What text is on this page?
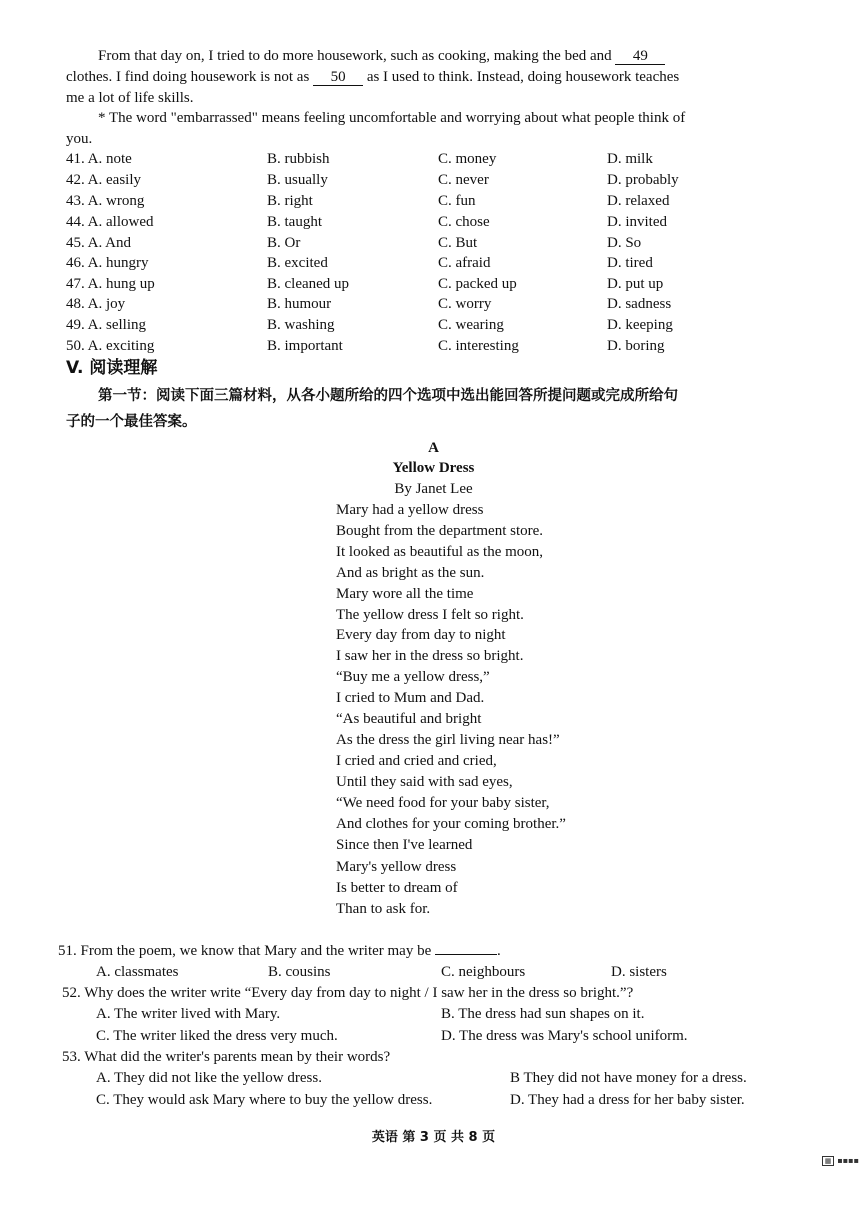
From that day on, I tried to do more housework, such as cooking, making the bed and 49
clothes. I find doing housework is not as 50 as I used to think. Instead, doing housework teaches
me a lot of life skills.
* The word "embarrassed" means feeling uncomfortable and worrying about what people think of
you.
41. A. note	B. rubbish	C. money	D. milk
42. A. easily	B. usually	C. never	D. probably
43. A. wrong	B. right	C. fun	D. relaxed
44. A. allowed	B. taught	C. chose	D. invited
45. A. And	B. Or	C. But	D. So
46. A. hungry	B. excited	C. afraid	D. tired
47. A. hung up	B. cleaned up	C. packed up	D. put up
48. A. joy	B. humour	C. worry	D. sadness
49. A. selling	B. washing	C. wearing	D. keeping
50. A. exciting	B. important	C. interesting	D. boring
V. 阅读理解
第一节：阅读下面三篇材料，从各小题所给的四个选项中选出能回答所提问题或完成所给句
子的一个最佳答案。
A
Yellow Dress
By Janet Lee
Mary had a yellow dress
Bought from the department store.
It looked as beautiful as the moon,
And as bright as the sun.
Mary wore all the time
The yellow dress I felt so right.
Every day from day to night
I saw her in the dress so bright.
“Buy me a yellow dress,”
I cried to Mum and Dad.
“As beautiful and bright
As the dress the girl living near has!”
I cried and cried and cried,
Until they said with sad eyes,
“We need food for your baby sister,
And clothes for your coming brother.”
Since then I've learned
Mary's yellow dress
Is better to dream of
Than to ask for.
51. From the poem, we know that Mary and the writer may be	.
A. classmates	B. cousins	C. neighbours	D. sisters
52. Why does the writer write “Every day from day to night / I saw her in the dress so bright.”?
A. The writer lived with Mary.	B. The dress had sun shapes on it.
C. The writer liked the dress very much.	D. The dress was Mary's school uniform.
53. What did the writer's parents mean by their words?
A. They did not like the yellow dress.	B They did not have money for a dress.
C. They would ask Mary where to buy the yellow dress.	D. They had a dress for her baby sister.
英语 第 3 页 共 8 页
▦ ▪▪▪▪
